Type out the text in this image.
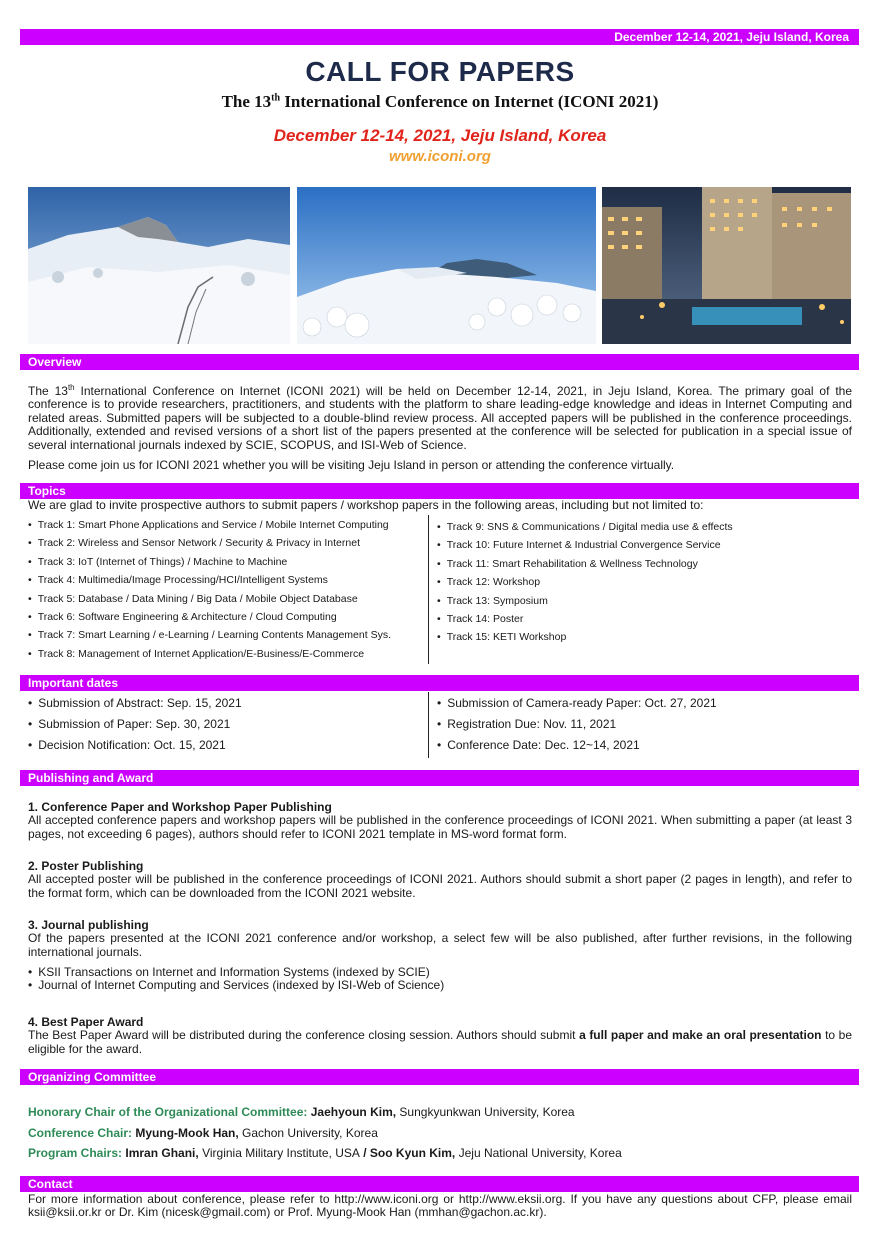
December 12-14, 2021, Jeju Island, Korea
CALL FOR PAPERS
The 13th International Conference on Internet (ICONI 2021)
December 12-14, 2021, Jeju Island, Korea
www.iconi.org
Overview
The 13th International Conference on Internet (ICONI 2021) will be held on December 12-14, 2021, in Jeju Island, Korea. The primary goal of the conference is to provide researchers, practitioners, and students with the platform to share leading-edge knowledge and ideas in Internet Computing and related areas. Submitted papers will be subjected to a double-blind review process. All accepted papers will be published in the conference proceedings. Additionally, extended and revised versions of a short list of the papers presented at the conference will be selected for publication in a special issue of several international journals indexed by SCIE, SCOPUS, and ISI-Web of Science.
Please come join us for ICONI 2021 whether you will be visiting Jeju Island in person or attending the conference virtually.
Topics
We are glad to invite prospective authors to submit papers / workshop papers in the following areas, including but not limited to:
• Track 1: Smart Phone Applications and Service / Mobile Internet Computing
• Track 2: Wireless and Sensor Network / Security & Privacy in Internet
• Track 3: IoT (Internet of Things) / Machine to Machine
• Track 4: Multimedia/Image Processing/HCI/Intelligent Systems
• Track 5: Database / Data Mining / Big Data / Mobile Object Database
• Track 6: Software Engineering & Architecture / Cloud Computing
• Track 7: Smart Learning / e-Learning / Learning Contents Management Sys.
• Track 8: Management of Internet Application/E-Business/E-Commerce
• Track 9: SNS & Communications / Digital media use & effects
• Track 10: Future Internet & Industrial Convergence Service
• Track 11: Smart Rehabilitation & Wellness Technology
• Track 12: Workshop
• Track 13: Symposium
• Track 14: Poster
• Track 15: KETI Workshop
Important dates
• Submission of Abstract: Sep. 15, 2021
• Submission of Paper: Sep. 30, 2021
• Decision Notification: Oct. 15, 2021
• Submission of Camera-ready Paper: Oct. 27, 2021
• Registration Due: Nov. 11, 2021
• Conference Date: Dec. 12~14, 2021
Publishing and Award
1. Conference Paper and Workshop Paper Publishing
All accepted conference papers and workshop papers will be published in the conference proceedings of ICONI 2021. When submitting a paper (at least 3 pages, not exceeding 6 pages), authors should refer to ICONI 2021 template in MS-word format form.
2. Poster Publishing
All accepted poster will be published in the conference proceedings of ICONI 2021. Authors should submit a short paper (2 pages in length), and refer to the format form, which can be downloaded from the ICONI 2021 website.
3. Journal publishing
Of the papers presented at the ICONI 2021 conference and/or workshop, a select few will be also published, after further revisions, in the following international journals.
• KSII Transactions on Internet and Information Systems (indexed by SCIE)
• Journal of Internet Computing and Services (indexed by ISI-Web of Science)
4. Best Paper Award
The Best Paper Award will be distributed during the conference closing session. Authors should submit a full paper and make an oral presentation to be eligible for the award.
Organizing Committee
Honorary Chair of the Organizational Committee: Jaehyoun Kim, Sungkyunkwan University, Korea
Conference Chair: Myung-Mook Han, Gachon University, Korea
Program Chairs: Imran Ghani, Virginia Military Institute, USA / Soo Kyun Kim, Jeju National University, Korea
Contact
For more information about conference, please refer to http://www.iconi.org or http://www.eksii.org. If you have any questions about CFP, please email ksii@ksii.or.kr or Dr. Kim (nicesk@gmail.com) or Prof. Myung-Mook Han (mmhan@gachon.ac.kr).
